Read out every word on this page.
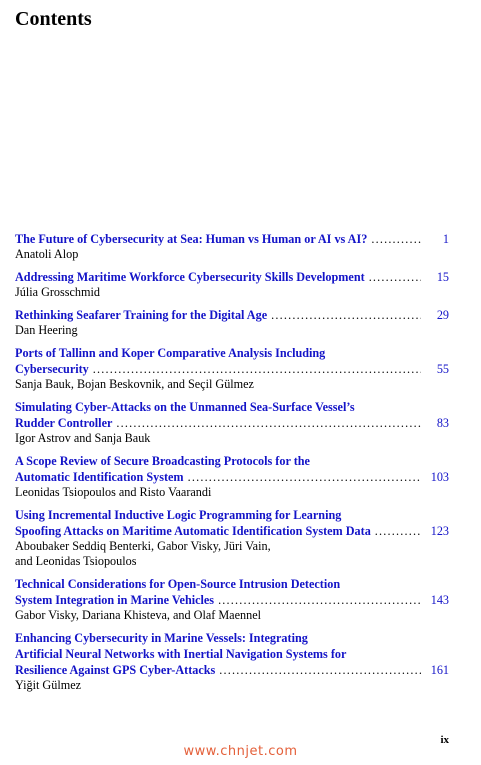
Contents
The Future of Cybersecurity at Sea: Human vs Human or AI vs AI? .....	1
Anatoli Alop
Addressing Maritime Workforce Cybersecurity Skills Development .....	15
Júlia Grosschmid
Rethinking Seafarer Training for the Digital Age .....	29
Dan Heering
Ports of Tallinn and Koper Comparative Analysis Including
Cybersecurity .....	55
Sanja Bauk, Bojan Beskovnik, and Seçil Gülmez
Simulating Cyber-Attacks on the Unmanned Sea-Surface Vessel’s
Rudder Controller .....	83
Igor Astrov and Sanja Bauk
A Scope Review of Secure Broadcasting Protocols for the
Automatic Identification System .....	103
Leonidas Tsiopoulos and Risto Vaarandi
Using Incremental Inductive Logic Programming for Learning
Spoofing Attacks on Maritime Automatic Identification System Data .....	123
Aboubaker Seddiq Benterki, Gabor Visky, Jüri Vain,
and Leonidas Tsiopoulos
Technical Considerations for Open-Source Intrusion Detection
System Integration in Marine Vehicles .....	143
Gabor Visky, Dariana Khisteva, and Olaf Maennel
Enhancing Cybersecurity in Marine Vessels: Integrating
Artificial Neural Networks with Inertial Navigation Systems for
Resilience Against GPS Cyber-Attacks .....	161
Yiğit Gülmez
ix
www.chnjet.com
